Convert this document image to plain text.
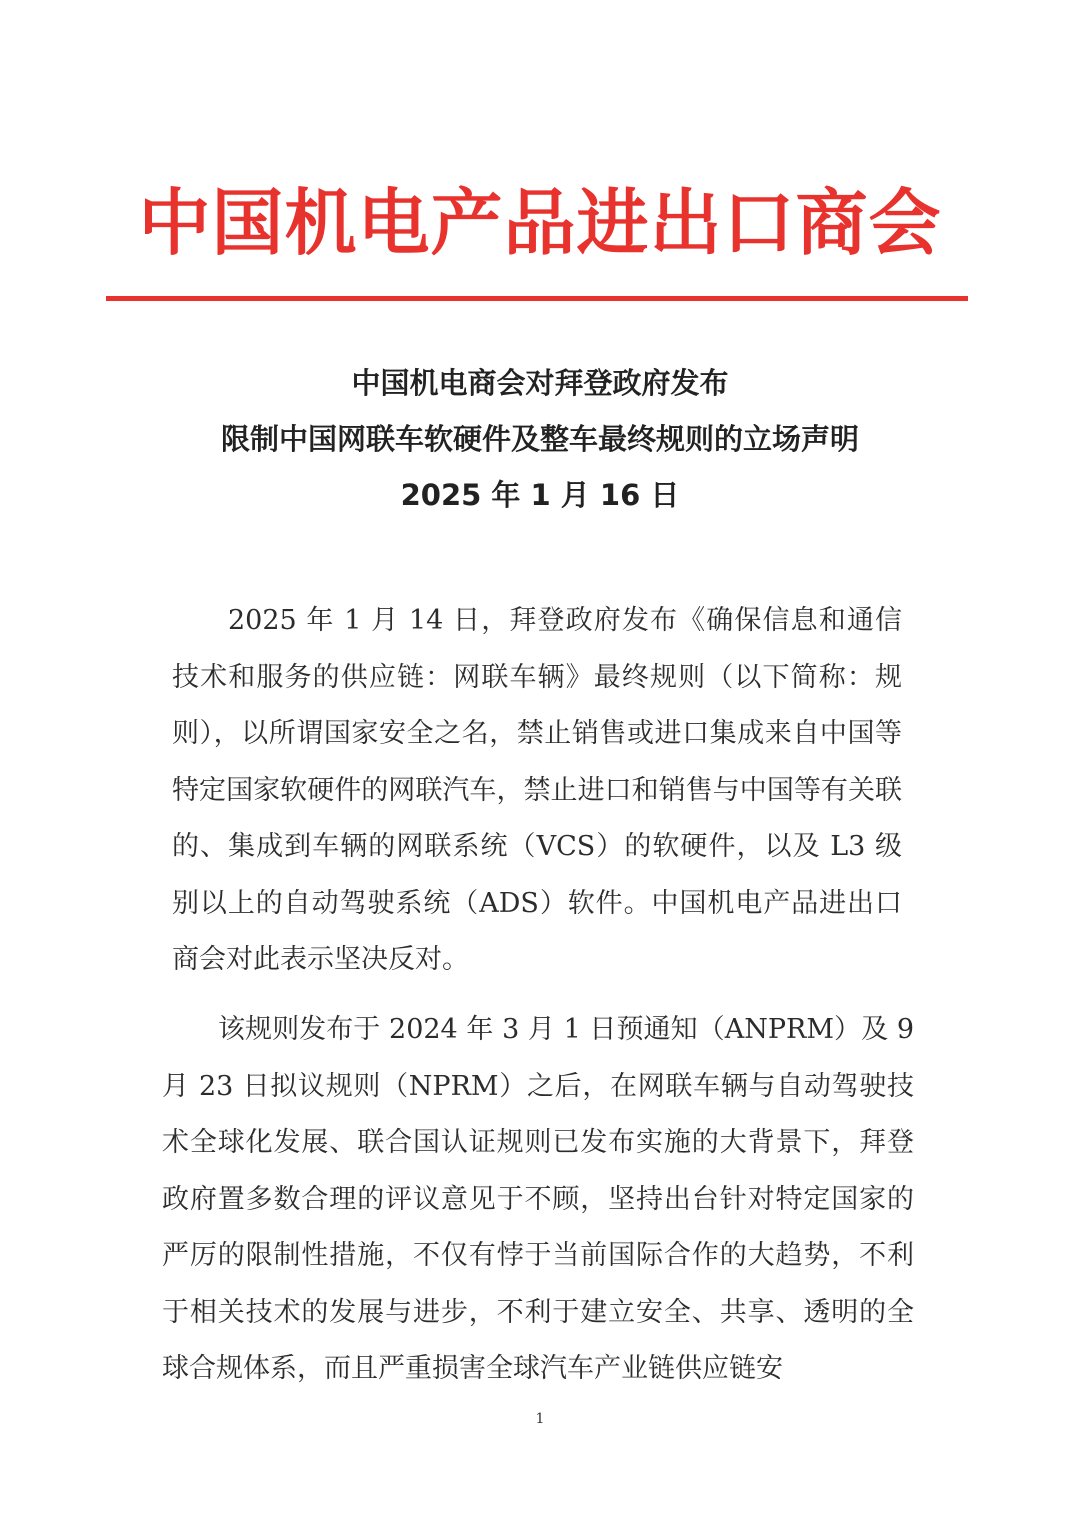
中国机电产品进出口商会
中国机电商会对拜登政府发布
限制中国网联车软硬件及整车最终规则的立场声明
2025 年 1 月 16 日

2025 年 1 月 14 日，拜登政府发布《确保信息和通信技术和服务的供应链：网联车辆》最终规则（以下简称：规则），以所谓国家安全之名，禁止销售或进口集成来自中国等特定国家软硬件的网联汽车，禁止进口和销售与中国等有关联的、集成到车辆的网联系统（VCS）的软硬件，以及 L3 级别以上的自动驾驶系统（ADS）软件。中国机电产品进出口商会对此表示坚决反对。

该规则发布于 2024 年 3 月 1 日预通知（ANPRM）及 9 月 23 日拟议规则（NPRM）之后，在网联车辆与自动驾驶技术全球化发展、联合国认证规则已发布实施的大背景下，拜登政府置多数合理的评议意见于不顾，坚持出台针对特定国家的严厉的限制性措施，不仅有悖于当前国际合作的大趋势，不利于相关技术的发展与进步，不利于建立安全、共享、透明的全球合规体系，而且严重损害全球汽车产业链供应链安

1
